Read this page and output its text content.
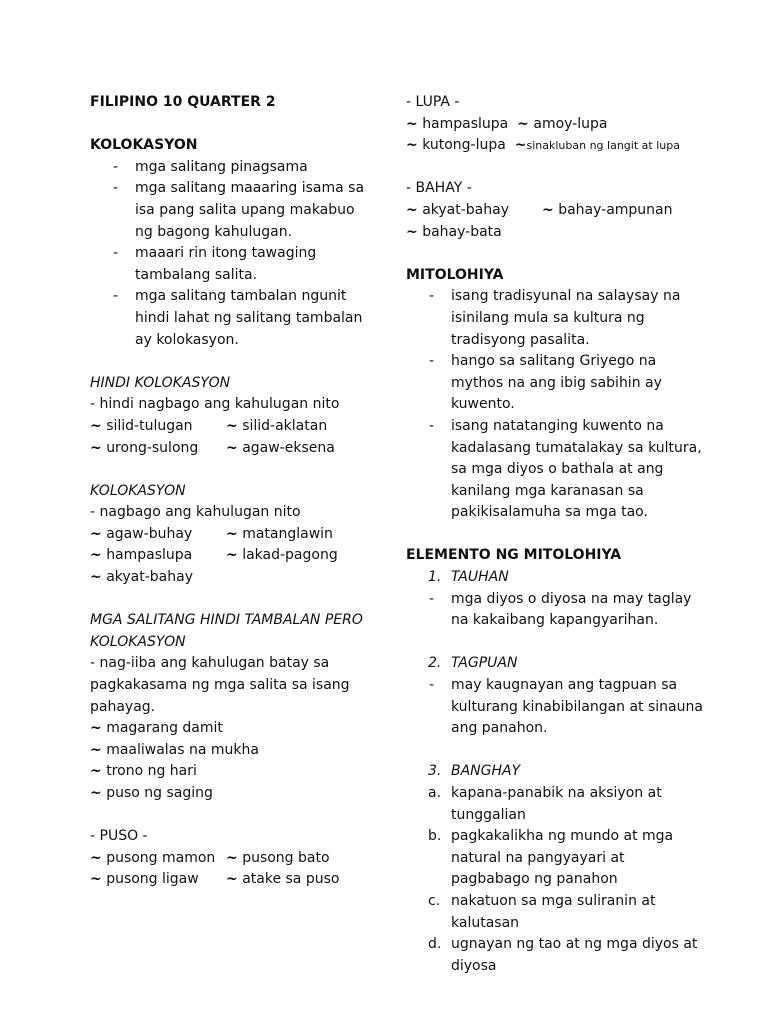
FILIPINO 10 QUARTER 2
KOLOKASYON
- mga salitang pinagsama
- mga salitang maaaring isama sa isa pang salita upang makabuo ng bagong kahulugan.
- maaari rin itong tawaging tambalang salita.
- mga salitang tambalan ngunit hindi lahat ng salitang tambalan ay kolokasyon.
HINDI KOLOKASYON
- hindi nagbago ang kahulugan nito
~ silid-tulugan	~ silid-aklatan
~ urong-sulong	~ agaw-eksena
KOLOKASYON
- nagbago ang kahulugan nito
~ agaw-buhay	~ matanglawin
~ hampaslupa	~ lakad-pagong
~ akyat-bahay
MGA SALITANG HINDI TAMBALAN PERO KOLOKASYON
- nag-iiba ang kahulugan batay sa pagkakasama ng mga salita sa isang pahayag.
~ magarang damit
~ maaliwalas na mukha
~ trono ng hari
~ puso ng saging
- PUSO -
~ pusong mamon ~ pusong bato
~ pusong ligaw	~ atake sa puso
- LUPA -
~ hampaslupa ~ amoy-lupa
~ kutong-lupa ~sinakluban ng langit at lupa
- BAHAY -
~ akyat-bahay	~ bahay-ampunan
~ bahay-bata
MITOLOHIYA
- isang tradisyunal na salaysay na isinilang mula sa kultura ng tradisyong pasalita.
- hango sa salitang Griyego na mythos na ang ibig sabihin ay kuwento.
- isang natatanging kuwento na kadalasang tumatalakay sa kultura, sa mga diyos o bathala at ang kanilang mga karanasan sa pakikisalamuha sa mga tao.
ELEMENTO NG MITOLOHIYA
1. TAUHAN
- mga diyos o diyosa na may taglay na kakaibang kapangyarihan.
2. TAGPUAN
- may kaugnayan ang tagpuan sa kulturang kinabibilangan at sinauna ang panahon.
3. BANGHAY
a. kapana-panabik na aksiyon at tunggalian
b. pagkakalikha ng mundo at mga natural na pangyayari at pagbabago ng panahon
c. nakatuon sa mga suliranin at kalutasan
d. ugnayan ng tao at ng mga diyos at diyosa
